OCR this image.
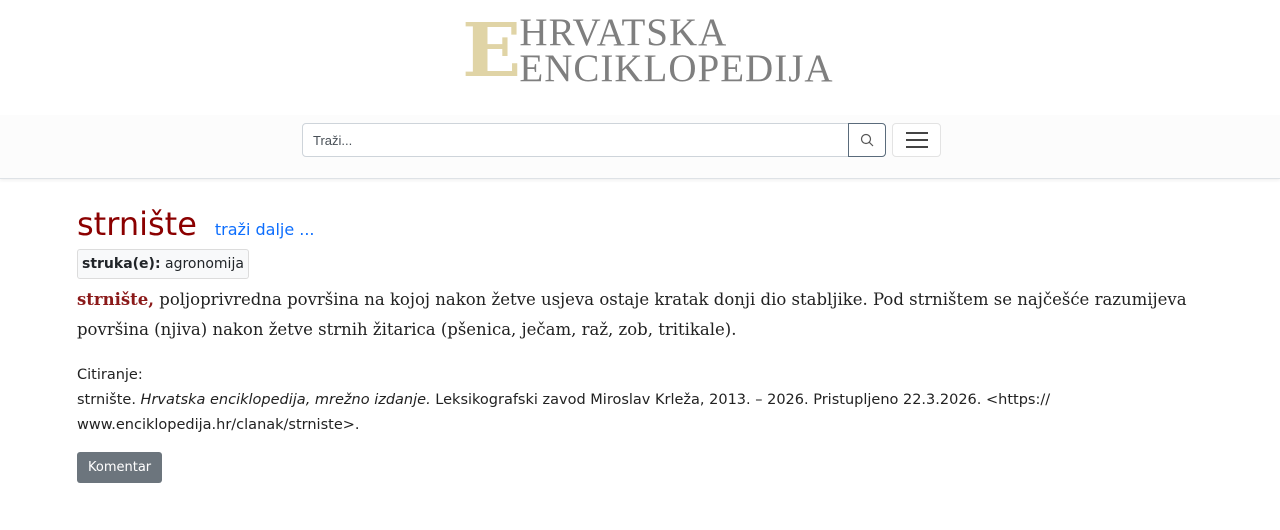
E HRVATSKA
ENCIKLOPEDIJA
Traži...
strnište traži dalje ...
struka(e): agronomija

strnište, poljoprivredna površina na kojoj nakon žetve usjeva ostaje kratak donji dio stabljike. Pod strništem se najčešće razumijeva površina (njiva) nakon žetve strnih žitarica (pšenica, ječam, raž, zob, tritikale).

Citiranje:
strnište. Hrvatska enciklopedija, mrežno izdanje. Leksikografski zavod Miroslav Krleža, 2013. – 2026. Pristupljeno 22.3.2026. <https://
www.enciklopedija.hr/clanak/strniste>.
Komentar
